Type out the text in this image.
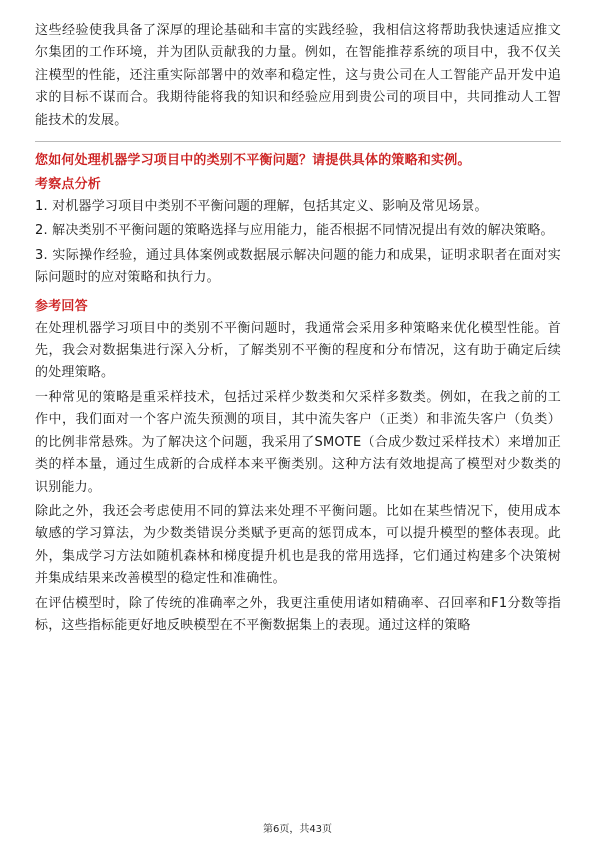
这些经验使我具备了深厚的理论基础和丰富的实践经验，我相信这将帮助我快速适应推文尔集团的工作环境，并为团队贡献我的力量。例如，在智能推荐系统的项目中，我不仅关注模型的性能，还注重实际部署中的效率和稳定性，这与贵公司在人工智能产品开发中追求的目标不谋而合。我期待能将我的知识和经验应用到贵公司的项目中，共同推动人工智能技术的发展。

您如何处理机器学习项目中的类别不平衡问题？请提供具体的策略和实例。

考察点分析

1. 对机器学习项目中类别不平衡问题的理解，包括其定义、影响及常见场景。

2. 解决类别不平衡问题的策略选择与应用能力，能否根据不同情况提出有效的解决策略。

3. 实际操作经验，通过具体案例或数据展示解决问题的能力和成果，证明求职者在面对实际问题时的应对策略和执行力。

参考回答

在处理机器学习项目中的类别不平衡问题时，我通常会采用多种策略来优化模型性能。首先，我会对数据集进行深入分析，了解类别不平衡的程度和分布情况，这有助于确定后续的处理策略。

一种常见的策略是重采样技术，包括过采样少数类和欠采样多数类。例如，在我之前的工作中，我们面对一个客户流失预测的项目，其中流失客户（正类）和非流失客户（负类）的比例非常悬殊。为了解决这个问题，我采用了SMOTE（合成少数过采样技术）来增加正类的样本量，通过生成新的合成样本来平衡类别。这种方法有效地提高了模型对少数类的识别能力。

除此之外，我还会考虑使用不同的算法来处理不平衡问题。比如在某些情况下，使用成本敏感的学习算法，为少数类错误分类赋予更高的惩罚成本，可以提升模型的整体表现。此外，集成学习方法如随机森林和梯度提升机也是我的常用选择，它们通过构建多个决策树并集成结果来改善模型的稳定性和准确性。

在评估模型时，除了传统的准确率之外，我更注重使用诸如精确率、召回率和F1分数等指标，这些指标能更好地反映模型在不平衡数据集上的表现。通过这样的策略

第6页，共43页
